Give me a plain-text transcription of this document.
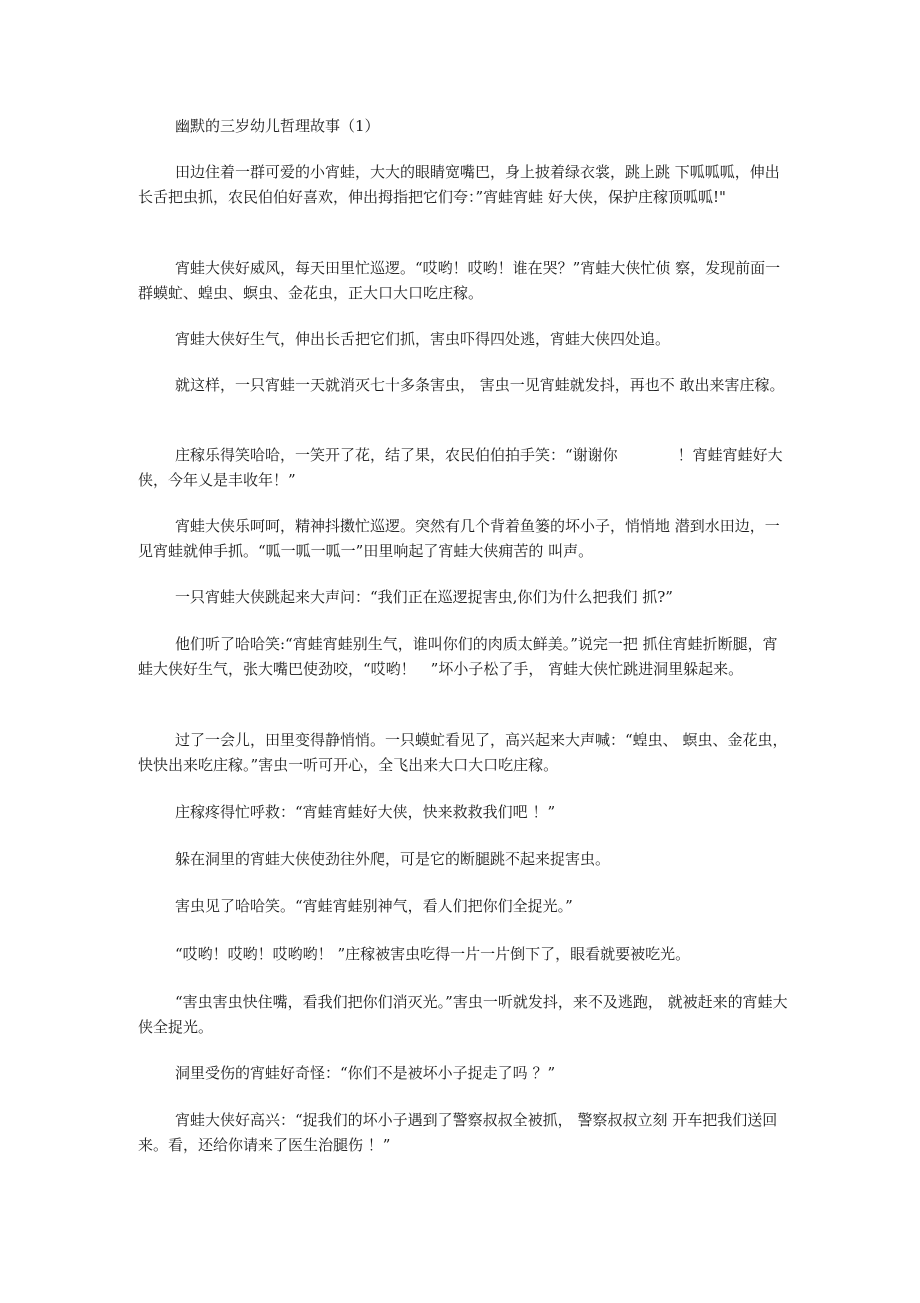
幽默的三岁幼儿哲理故事（1）

田边住着一群可爱的小宵蛙，大大的眼睛宽嘴巴，身上披着绿衣裳，跳上跳 下呱呱呱，伸出长舌把虫抓，农民伯伯好喜欢，伸出拇指把它们夸：”宵蛙宵蛙 好大侠，保护庄稼顶呱呱!"

宵蛙大侠好威风，每天田里忙巡逻。“哎哟！哎哟！谁在哭？”宵蛙大侠忙侦 察，发现前面一群蟆虻、蝗虫、螟虫、金花虫，正大口大口吃庄稼。

宵蛙大侠好生气，伸出长舌把它们抓，害虫吓得四处逃，宵蛙大侠四处追。

就这样，一只宵蛙一天就消灭七十多条害虫， 害虫一见宵蛙就发抖，再也不 敢出来害庄稼。

庄稼乐得笑哈哈，一笑开了花，结了果，农民伯伯拍手笑：“谢谢你　　　　！宵蛙宵蛙好大侠，今年乂是丰收年！”

宵蛙大侠乐呵呵，精神抖擞忙巡逻。突然有几个背着鱼篓的坏小子，悄悄地 潜到水田边，一见宵蛙就伸手抓。“呱一呱一呱一”田里响起了宵蛙大侠痈苦的 叫声。

一只宵蛙大侠跳起来大声问：“我们正在巡逻捉害虫,你们为什么把我们 抓?”

他们听了哈哈笑:“宵蛙宵蛙别生气，谁叫你们的肉质太鲜美。”说完一把 抓住宵蛙折断腿，宵蛙大侠好生气，张大嘴巴使劲咬，“哎哟！　”坏小子松了手， 宵蛙大侠忙跳进洞里躲起来。

过了一会儿，田里变得静悄悄。一只蟆虻看见了，高兴起来大声喊：“蝗虫、 螟虫、金花虫，快快出来吃庄稼。”害虫一听可开心，全飞出来大口大口吃庄稼。

庄稼疼得忙呼救：“宵蛙宵蛙好大侠，快来救救我们吧 ！”

躲在洞里的宵蛙大侠使劲往外爬，可是它的断腿跳不起来捉害虫。

害虫见了哈哈笑。“宵蛙宵蛙别神气，看人们把你们全捉光。”

“哎哟！哎哟！哎哟哟！ ”庄稼被害虫吃得一片一片倒下了，眼看就要被吃光。

“害虫害虫快住嘴，看我们把你们消灭光。”害虫一听就发抖，来不及逃跑， 就被赶来的宵蛙大侠全捉光。

洞里受伤的宵蛙好奇怪：“你们不是被坏小子捉走了吗 ？”

宵蛙大侠好高兴：“捉我们的坏小子遇到了警察叔叔全被抓， 警察叔叔立刻 开车把我们送回来。看，还给你请来了医生治腿伤 ！”
